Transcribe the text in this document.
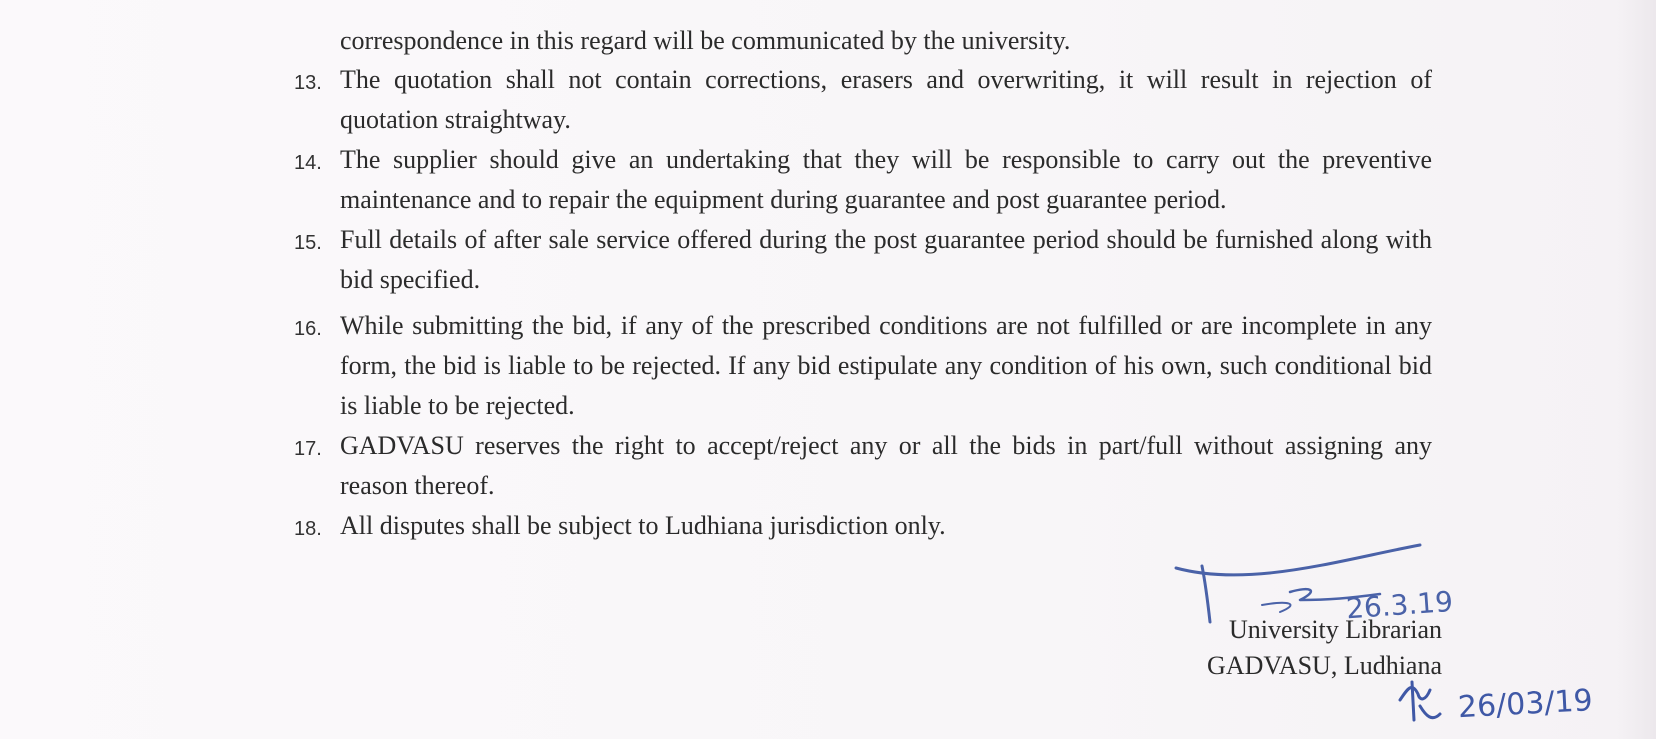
correspondence in this regard will be communicated by the university.
13. The quotation shall not contain corrections, erasers and overwriting, it will result in rejection of quotation straightway.
14. The supplier should give an undertaking that they will be responsible to carry out the preventive maintenance and to repair the equipment during guarantee and post guarantee period.
15. Full details of after sale service offered during the post guarantee period should be furnished along with bid specified.
16. While submitting the bid, if any of the prescribed conditions are not fulfilled or are incomplete in any form, the bid is liable to be rejected. If any bid estipulate any condition of his own, such conditional bid is liable to be rejected.
17. GADVASU reserves the right to accept/reject any or all the bids in part/full without assigning any reason thereof.
18. All disputes shall be subject to Ludhiana jurisdiction only.
26.3.19
26/03/19
University Librarian
GADVASU, Ludhiana
